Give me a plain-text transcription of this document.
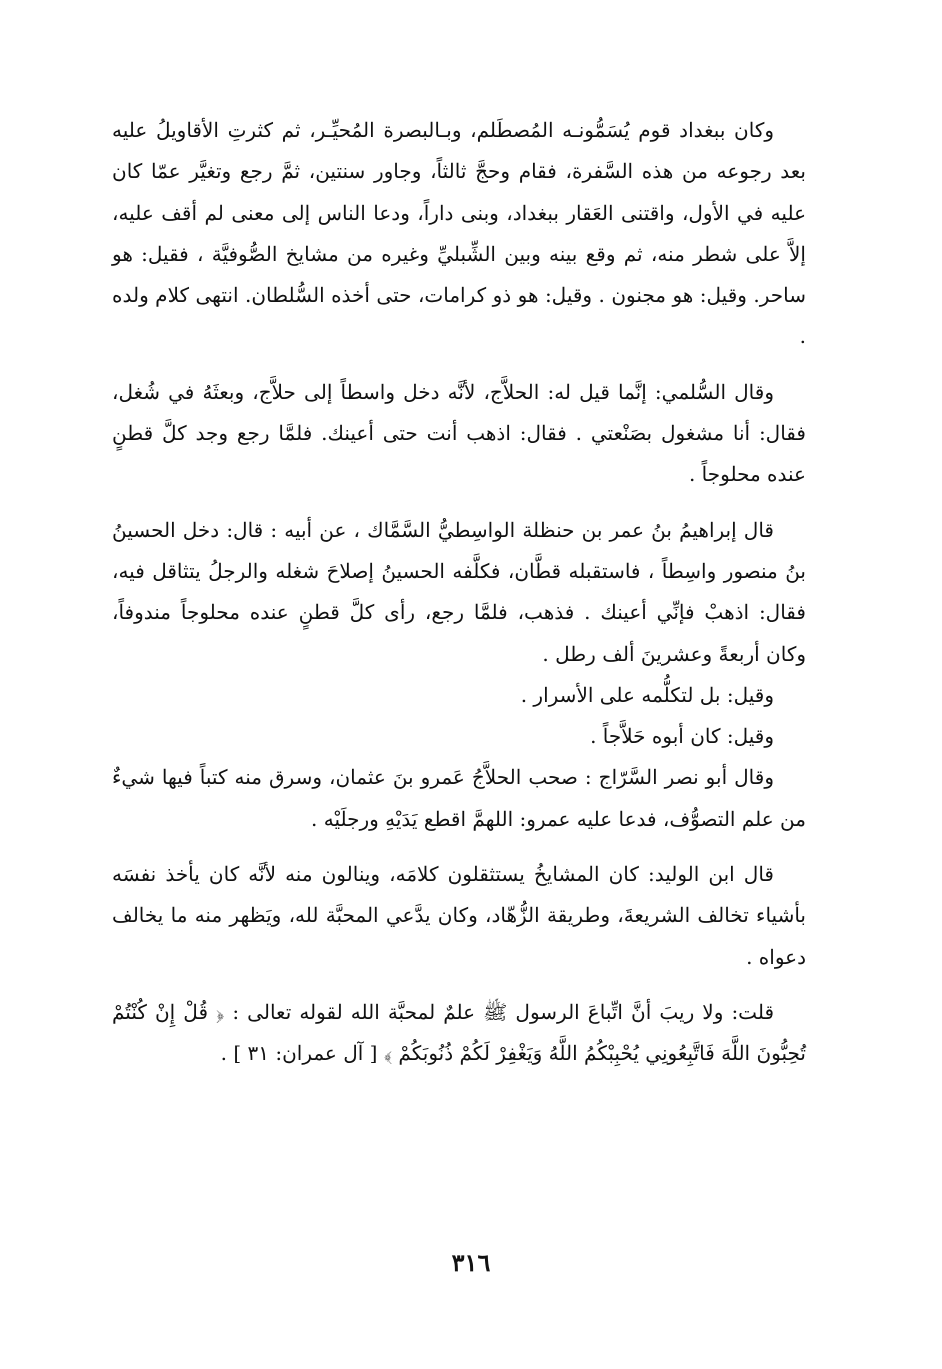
وكان ببغداد قوم يُسَمُّونـه المُصطَلم، وبـالبصرة المُحيِّـر، ثم كثرتِ الأقاويلُ عليه بعد رجوعه من هذه السَّفرة، فقام وحجَّ ثالثاً، وجاور سنتين، ثمَّ رجع وتغيَّر عمّا كان عليه في الأول، واقتنى العَقار ببغداد، وبنى داراً، ودعا الناس إلى معنى لم أقف عليه، إلاَّ على شطر منه، ثم وقع بينه وبين الشِّبليِّ وغيره من مشايخ الصُّوفيَّة ، فقيل: هو ساحر. وقيل: هو مجنون . وقيل: هو ذو كرامات، حتى أخذه السُّلطان. انتهى كلام ولده .

وقال السُّلمي: إنَّما قيل له: الحلاَّج، لأنَّه دخل واسطاً إلى حلاَّج، وبعثَهُ في شُغل، فقال: أنا مشغول بصَنْعتي . فقال: اذهب أنت حتى أعينك. فلمَّا رجع وجد كلَّ قطنٍ عنده محلوجاً .

قال إبراهيمُ بنُ عمر بن حنظلة الواسِطيُّ السَّمَّاك ، عن أبيه : قال: دخل الحسينُ بنُ منصور واسِطاً ، فاستقبله قطَّان، فكلَّفه الحسينُ إصلاحَ شغله والرجلُ يتثاقل فيه، فقال: اذهبْ فإنِّي أعينك . فذهب، فلمَّا رجع، رأى كلَّ قطنٍ عنده محلوجاً مندوفاً، وكان أربعةً وعشرينَ ألف رطل .

وقيل: بل لتكلُّمه على الأسرار .

وقيل: كان أبوه حَلاَّجاً .

وقال أبو نصر السَّرّاج : صحب الحلاَّجُ عَمرو بنَ عثمان، وسرق منه كتباً فيها شيءٌ من علم التصوُّف، فدعا عليه عمرو: اللهمَّ اقطع يَدَيْهِ ورجلَيْه .

قال ابن الوليد: كان المشايخُ يستثقلون كلامَه، وينالون منه لأنَّه كان يأخذ نفسَه بأشياء تخالف الشريعةَ، وطريقة الزُّهّاد، وكان يدَّعي المحبَّة لله، ويَظهر منه ما يخالف دعواه .

قلت: ولا ريبَ أنَّ اتِّباعَ الرسول ﷺ علمٌ لمحبَّة الله لقوله تعالى : ﴿ قُلْ إِنْ كُنْتُمْ تُحِبُّونَ اللَّهَ فَاتَّبِعُونِي يُحْبِبْكُمُ اللَّهُ وَيَغْفِرْ لَكُمْ ذُنُوبَكُمْ ﴾ [ آل عمران: ٣١ ] .

٣١٦
